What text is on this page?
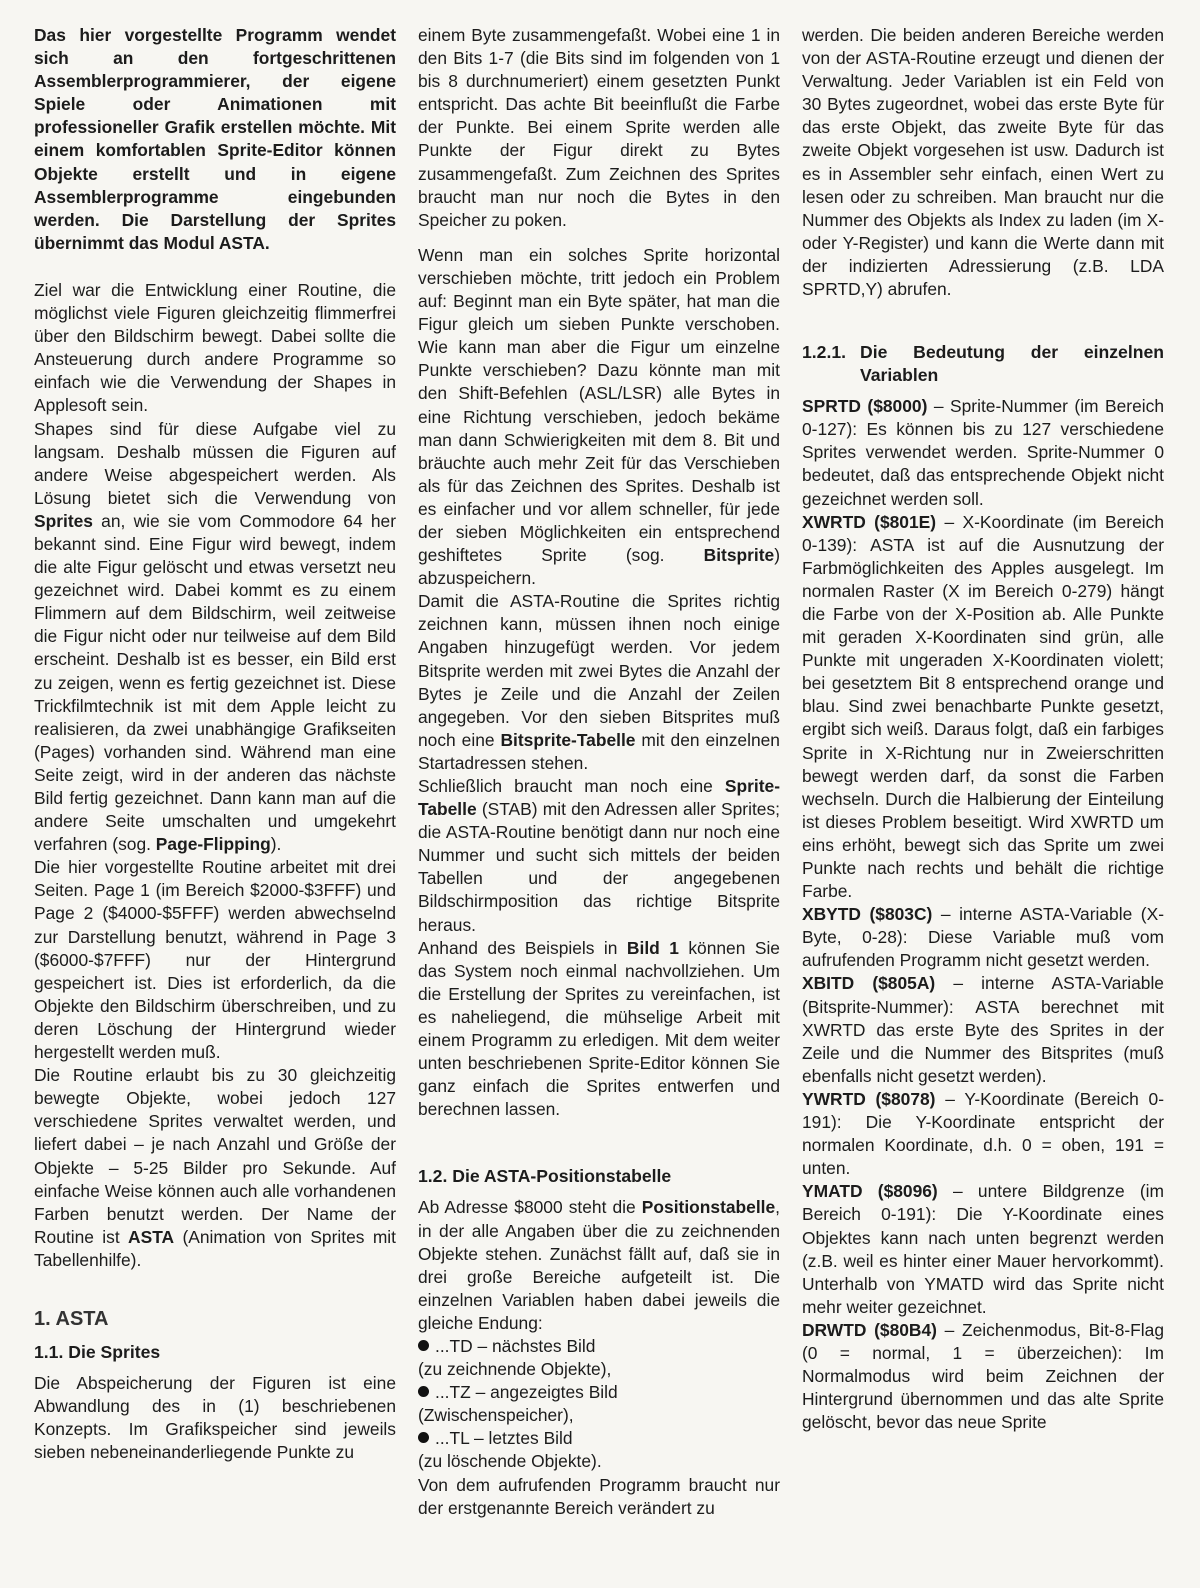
Das hier vorgestellte Programm wendet sich an den fortgeschrittenen Assemblerprogrammierer, der eigene Spiele oder Animationen mit professioneller Grafik erstellen möchte. Mit einem komfortablen Sprite-Editor können Objekte erstellt und in eigene Assemblerprogramme eingebunden werden. Die Darstellung der Sprites übernimmt das Modul ASTA.

Ziel war die Entwicklung einer Routine, die möglichst viele Figuren gleichzeitig flimmerfrei über den Bildschirm bewegt. Dabei sollte die Ansteuerung durch andere Programme so einfach wie die Verwendung der Shapes in Applesoft sein.

Shapes sind für diese Aufgabe viel zu langsam. Deshalb müssen die Figuren auf andere Weise abgespeichert werden. Als Lösung bietet sich die Verwendung von Sprites an, wie sie vom Commodore 64 her bekannt sind. Eine Figur wird bewegt, indem die alte Figur gelöscht und etwas versetzt neu gezeichnet wird. Dabei kommt es zu einem Flimmern auf dem Bildschirm, weil zeitweise die Figur nicht oder nur teilweise auf dem Bild erscheint. Deshalb ist es besser, ein Bild erst zu zeigen, wenn es fertig gezeichnet ist. Diese Trickfilmtechnik ist mit dem Apple leicht zu realisieren, da zwei unabhängige Grafikseiten (Pages) vorhanden sind. Während man eine Seite zeigt, wird in der anderen das nächste Bild fertig gezeichnet. Dann kann man auf die andere Seite umschalten und umgekehrt verfahren (sog. Page-Flipping).

Die hier vorgestellte Routine arbeitet mit drei Seiten. Page 1 (im Bereich $2000-$3FFF) und Page 2 ($4000-$5FFF) werden abwechselnd zur Darstellung benutzt, während in Page 3 ($6000-$7FFF) nur der Hintergrund gespeichert ist. Dies ist erforderlich, da die Objekte den Bildschirm überschreiben, und zu deren Löschung der Hintergrund wieder hergestellt werden muß.

Die Routine erlaubt bis zu 30 gleichzeitig bewegte Objekte, wobei jedoch 127 verschiedene Sprites verwaltet werden, und liefert dabei – je nach Anzahl und Größe der Objekte – 5-25 Bilder pro Sekunde. Auf einfache Weise können auch alle vorhandenen Farben benutzt werden. Der Name der Routine ist ASTA (Animation von Sprites mit Tabellenhilfe).

1. ASTA
1.1. Die Sprites

Die Abspeicherung der Figuren ist eine Abwandlung des in (1) beschriebenen Konzepts. Im Grafikspeicher sind jeweils sieben nebeneinanderliegende Punkte zu

einem Byte zusammengefaßt. Wobei eine 1 in den Bits 1-7 (die Bits sind im folgenden von 1 bis 8 durchnumeriert) einem gesetzten Punkt entspricht. Das achte Bit beeinflußt die Farbe der Punkte. Bei einem Sprite werden alle Punkte der Figur direkt zu Bytes zusammengefaßt. Zum Zeichnen des Sprites braucht man nur noch die Bytes in den Speicher zu poken.

Wenn man ein solches Sprite horizontal verschieben möchte, tritt jedoch ein Problem auf: Beginnt man ein Byte später, hat man die Figur gleich um sieben Punkte verschoben. Wie kann man aber die Figur um einzelne Punkte verschieben? Dazu könnte man mit den Shift-Befehlen (ASL/LSR) alle Bytes in eine Richtung verschieben, jedoch bekäme man dann Schwierigkeiten mit dem 8. Bit und bräuchte auch mehr Zeit für das Verschieben als für das Zeichnen des Sprites. Deshalb ist es einfacher und vor allem schneller, für jede der sieben Möglichkeiten ein entsprechend geshiftetes Sprite (sog. Bitsprite) abzuspeichern.

Damit die ASTA-Routine die Sprites richtig zeichnen kann, müssen ihnen noch einige Angaben hinzugefügt werden. Vor jedem Bitsprite werden mit zwei Bytes die Anzahl der Bytes je Zeile und die Anzahl der Zeilen angegeben. Vor den sieben Bitsprites muß noch eine Bitsprite-Tabelle mit den einzelnen Startadressen stehen.

Schließlich braucht man noch eine Sprite-Tabelle (STAB) mit den Adressen aller Sprites; die ASTA-Routine benötigt dann nur noch eine Nummer und sucht sich mittels der beiden Tabellen und der angegebenen Bildschirmposition das richtige Bitsprite heraus.

Anhand des Beispiels in Bild 1 können Sie das System noch einmal nachvollziehen. Um die Erstellung der Sprites zu vereinfachen, ist es naheliegend, die mühselige Arbeit mit einem Programm zu erledigen. Mit dem weiter unten beschriebenen Sprite-Editor können Sie ganz einfach die Sprites entwerfen und berechnen lassen.

1.2. Die ASTA-Positionstabelle

Ab Adresse $8000 steht die Positionstabelle, in der alle Angaben über die zu zeichnenden Objekte stehen. Zunächst fällt auf, daß sie in drei große Bereiche aufgeteilt ist. Die einzelnen Variablen haben dabei jeweils die gleiche Endung:

...TD – nächstes Bild
(zu zeichnende Objekte),
...TZ – angezeigtes Bild
(Zwischenspeicher),
...TL – letztes Bild
(zu löschende Objekte).

Von dem aufrufenden Programm braucht nur der erstgenannte Bereich verändert zu

werden. Die beiden anderen Bereiche werden von der ASTA-Routine erzeugt und dienen der Verwaltung. Jeder Variablen ist ein Feld von 30 Bytes zugeordnet, wobei das erste Byte für das erste Objekt, das zweite Byte für das zweite Objekt vorgesehen ist usw. Dadurch ist es in Assembler sehr einfach, einen Wert zu lesen oder zu schreiben. Man braucht nur die Nummer des Objekts als Index zu laden (im X- oder Y-Register) und kann die Werte dann mit der indizierten Adressierung (z.B. LDA SPRTD,Y) abrufen.

1.2.1. Die Bedeutung der einzelnen Variablen

SPRTD ($8000) – Sprite-Nummer (im Bereich 0-127): Es können bis zu 127 verschiedene Sprites verwendet werden. Sprite-Nummer 0 bedeutet, daß das entsprechende Objekt nicht gezeichnet werden soll.

XWRTD ($801E) – X-Koordinate (im Bereich 0-139): ASTA ist auf die Ausnutzung der Farbmöglichkeiten des Apples ausgelegt. Im normalen Raster (X im Bereich 0-279) hängt die Farbe von der X-Position ab. Alle Punkte mit geraden X-Koordinaten sind grün, alle Punkte mit ungeraden X-Koordinaten violett; bei gesetztem Bit 8 entsprechend orange und blau. Sind zwei benachbarte Punkte gesetzt, ergibt sich weiß. Daraus folgt, daß ein farbiges Sprite in X-Richtung nur in Zweierschritten bewegt werden darf, da sonst die Farben wechseln. Durch die Halbierung der Einteilung ist dieses Problem beseitigt. Wird XWRTD um eins erhöht, bewegt sich das Sprite um zwei Punkte nach rechts und behält die richtige Farbe.

XBYTD ($803C) – interne ASTA-Variable (X-Byte, 0-28): Diese Variable muß vom aufrufenden Programm nicht gesetzt werden.

XBITD ($805A) – interne ASTA-Variable (Bitsprite-Nummer): ASTA berechnet mit XWRTD das erste Byte des Sprites in der Zeile und die Nummer des Bitsprites (muß ebenfalls nicht gesetzt werden).

YWRTD ($8078) – Y-Koordinate (Bereich 0-191): Die Y-Koordinate entspricht der normalen Koordinate, d.h. 0 = oben, 191 = unten.

YMATD ($8096) – untere Bildgrenze (im Bereich 0-191): Die Y-Koordinate eines Objektes kann nach unten begrenzt werden (z.B. weil es hinter einer Mauer hervorkommt). Unterhalb von YMATD wird das Sprite nicht mehr weiter gezeichnet.

DRWTD ($80B4) – Zeichenmodus, Bit-8-Flag (0 = normal, 1 = überzeichen): Im Normalmodus wird beim Zeichnen der Hintergrund übernommen und das alte Sprite gelöscht, bevor das neue Sprite
